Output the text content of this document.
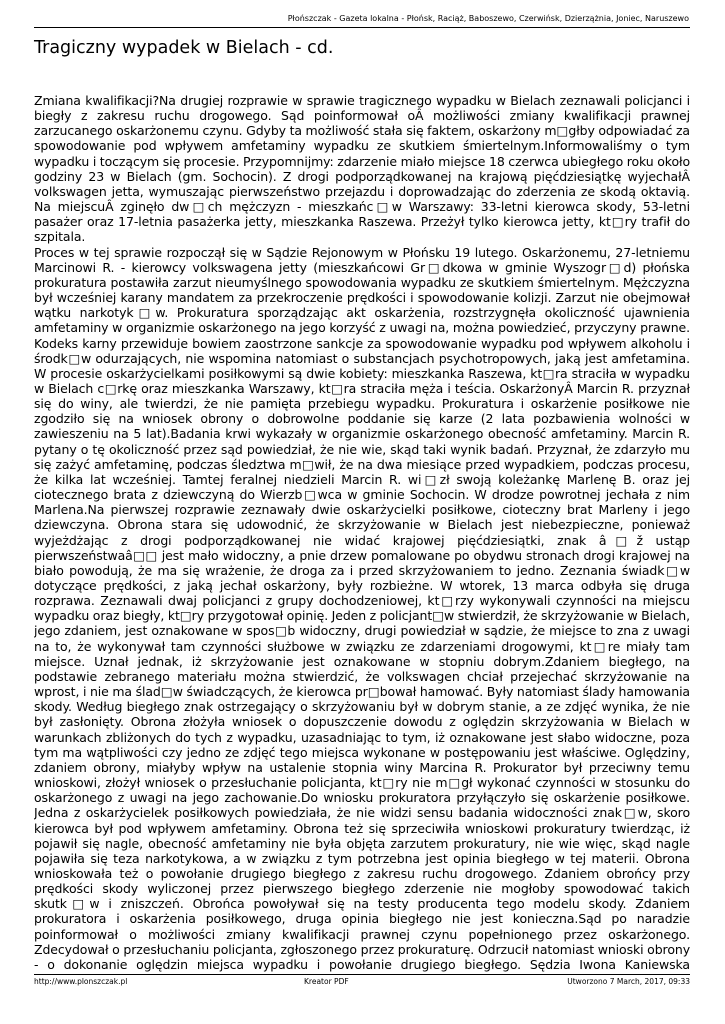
Płońszczak - Gazeta lokalna - Płońsk, Raciąż, Baboszewo, Czerwińsk, Dzierzążnia, Joniec, Naruszewo
Tragiczny wypadek w Bielach - cd.

Zmiana kwalifikacji?Na drugiej rozprawie w sprawie tragicznego wypadku w Bielach zeznawali policjanci i biegły z zakresu ruchu drogowego. Sąd poinformował oÂ możliwości zmiany kwalifikacji prawnej zarzucanego oskarżonemu czynu. Gdyby ta możliwość stała się faktem, oskarżony m□głby odpowiadać za spowodowanie pod wpływem amfetaminy wypadku ze skutkiem śmiertelnym.Informowaliśmy o tym wypadku i toczącym się procesie. Przypomnijmy: zdarzenie miało miejsce 18 czerwca ubiegłego roku około godziny 23 w Bielach (gm. Sochocin). Z drogi podporządkowanej na krajową pięćdziesiątkę wyjechałÂ volkswagen jetta, wymuszając pierwszeństwo przejazdu i doprowadzając do zderzenia ze skodą oktavią. Na miejscuÂ zginęło dw□ch mężczyzn - mieszkańc□w Warszawy: 33-letni kierowca skody, 53-letni pasażer oraz 17-letnia pasażerka jetty, mieszkanka Raszewa. Przeżył tylko kierowca jetty, kt□ry trafił do szpitala.

Proces w tej sprawie rozpoczął się w Sądzie Rejonowym w Płońsku 19 lutego. Oskarżonemu, 27-letniemu Marcinowi R. - kierowcy volkswagena jetty (mieszkańcowi Gr□dkowa w gminie Wyszogr□d) płońska prokuratura postawiła zarzut nieumyślnego spowodowania wypadku ze skutkiem śmiertelnym. Mężczyzna był wcześniej karany mandatem za przekroczenie prędkości i spowodowanie kolizji. Zarzut nie obejmował wątku narkotyk□w. Prokuratura sporządzając akt oskarżenia, rozstrzygnęła okoliczność ujawnienia amfetaminy w organizmie oskarżonego na jego korzyść z uwagi na, można powiedzieć, przyczyny prawne. Kodeks karny przewiduje bowiem zaostrzone sankcje za spowodowanie wypadku pod wpływem alkoholu i środk□w odurzających, nie wspomina natomiast o substancjach psychotropowych, jaką jest amfetamina. W procesie oskarżycielkami posiłkowymi są dwie kobiety: mieszkanka Raszewa, kt□ra straciła w wypadku w Bielach c□rkę oraz mieszkanka Warszawy, kt□ra straciła męża i teścia. OskarżonyÂ Marcin R. przyznał się do winy, ale twierdzi, że nie pamięta przebiegu wypadku. Prokuratura i oskarżenie posiłkowe nie zgodziło się na wniosek obrony o dobrowolne poddanie się karze (2 lata pozbawienia wolności w zawieszeniu na 5 lat).Badania krwi wykazały w organizmie oskarżonego obecność amfetaminy. Marcin R. pytany o tę okoliczność przez sąd powiedział, że nie wie, skąd taki wynik badań. Przyznał, że zdarzyło mu się zażyć amfetaminę, podczas śledztwa m□wił, że na dwa miesiące przed wypadkiem, podczas procesu, że kilka lat wcześniej. Tamtej feralnej niedzieli Marcin R. wi□zł swoją koleżankę Marlenę B. oraz jej ciotecznego brata z dziewczyną do Wierzb□wca w gminie Sochocin. W drodze powrotnej jechała z nim Marlena.Na pierwszej rozprawie zeznawały dwie oskarżycielki posiłkowe, cioteczny brat Marleny i jego dziewczyna. Obrona stara się udowodnić, że skrzyżowanie w Bielach jest niebezpieczne, ponieważ wyjeżdżając z drogi podporządkowanej nie widać krajowej pięćdziesiątki, znak â□ž ustąp pierwszeństwaâ□□ jest mało widoczny, a pnie drzew pomalowane po obydwu stronach drogi krajowej na biało powodują, że ma się wrażenie, że droga za i przed skrzyżowaniem to jedno. Zeznania świadk□w dotyczące prędkości, z jaką jechał oskarżony, były rozbieżne. W wtorek, 13 marca odbyła się druga rozprawa. Zeznawali dwaj policjanci z grupy dochodzeniowej, kt□rzy wykonywali czynności na miejscu wypadku oraz biegły, kt□ry przygotował opinię. Jeden z policjant□w stwierdził, że skrzyżowanie w Bielach, jego zdaniem, jest oznakowane w spos□b widoczny, drugi powiedział w sądzie, że miejsce to zna z uwagi na to, że wykonywał tam czynności służbowe w związku ze zdarzeniami drogowymi, kt□re miały tam miejsce. Uznał jednak, iż skrzyżowanie jest oznakowane w stopniu dobrym.Zdaniem biegłego, na podstawie zebranego materiału można stwierdzić, że volkswagen chciał przejechać skrzyżowanie na wprost, i nie ma ślad□w świadczących, że kierowca pr□bował hamować. Były natomiast ślady hamowania skody. Według biegłego znak ostrzegający o skrzyżowaniu był w dobrym stanie, a ze zdjęć wynika, że nie był zasłonięty. Obrona złożyła wniosek o dopuszczenie dowodu z oględzin skrzyżowania w Bielach w warunkach zbliżonych do tych z wypadku, uzasadniając to tym, iż oznakowane jest słabo widoczne, poza tym ma wątpliwości czy jedno ze zdjęć tego miejsca wykonane w postępowaniu jest właściwe. Oględziny, zdaniem obrony, miałyby wpływ na ustalenie stopnia winy Marcina R. Prokurator był przeciwny temu wnioskowi, złożył wniosek o przesłuchanie policjanta, kt□ry nie m□gł wykonać czynności w stosunku do oskarżonego z uwagi na jego zachowanie.Do wniosku prokuratora przyłączyło się oskarżenie posiłkowe. Jedna z oskarżycielek posiłkowych powiedziała, że nie widzi sensu badania widoczności znak□w, skoro kierowca był pod wpływem amfetaminy. Obrona też się sprzeciwiła wnioskowi prokuratury twierdząc, iż pojawił się nagle, obecność amfetaminy nie była objęta zarzutem prokuratury, nie wie więc, skąd nagle pojawiła się teza narkotykowa, a w związku z tym potrzebna jest opinia biegłego w tej materii. Obrona wnioskowała też o powołanie drugiego biegłego z zakresu ruchu drogowego. Zdaniem obrońcy przy prędkości skody wyliczonej przez pierwszego biegłego zderzenie nie mogłoby spowodować takich skutk□w i zniszczeń. Obrońca powoływał się na testy producenta tego modelu skody. Zdaniem prokuratora i oskarżenia posiłkowego, druga opinia biegłego nie jest konieczna.Sąd po naradzie poinformował o możliwości zmiany kwalifikacji prawnej czynu popełnionego przez oskarżonego. Zdecydował o przesłuchaniu policjanta, zgłoszonego przez prokuraturę. Odrzucił natomiast wnioski obrony - o dokonanie oględzin miejsca wypadku i powołanie drugiego biegłego. Sędzia Iwona Kaniewska

http://www.plonszczak.pl	Kreator PDF	Utworzono 7 March, 2017, 09:33
